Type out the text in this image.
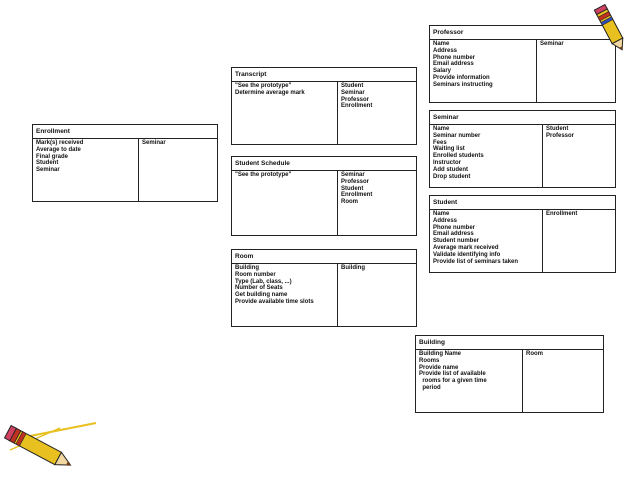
Professor
Name
Address
Phone number
Email address
Salary
Provide information
Seminars instructing
Seminar
Transcript
"See the prototype"
Determine average mark
Student
Seminar
Professor
Enrollment
Enrollment
Mark(s) received
Average to date
Final grade
Student
Seminar
Seminar
Seminar
Name
Seminar number
Fees
Waiting list
Enrolled students
Instructor
Add student
Drop student
Student
Professor
Student Schedule
"See the prototype"	Seminar
Professor
Student
Enrollment
Room	Student
Name
Address
Phone number
Email address
Student number
Average mark received
Validate identifying info
Provide list of seminars taken
Enrollment
Room
Building
Room number
Type (Lab, class, ...)
Number of Seats
Get building name
Provide available time slots
Building
Building
Building Name
Rooms
Provide name
Provide list of available
rooms for a given time
period
Room
